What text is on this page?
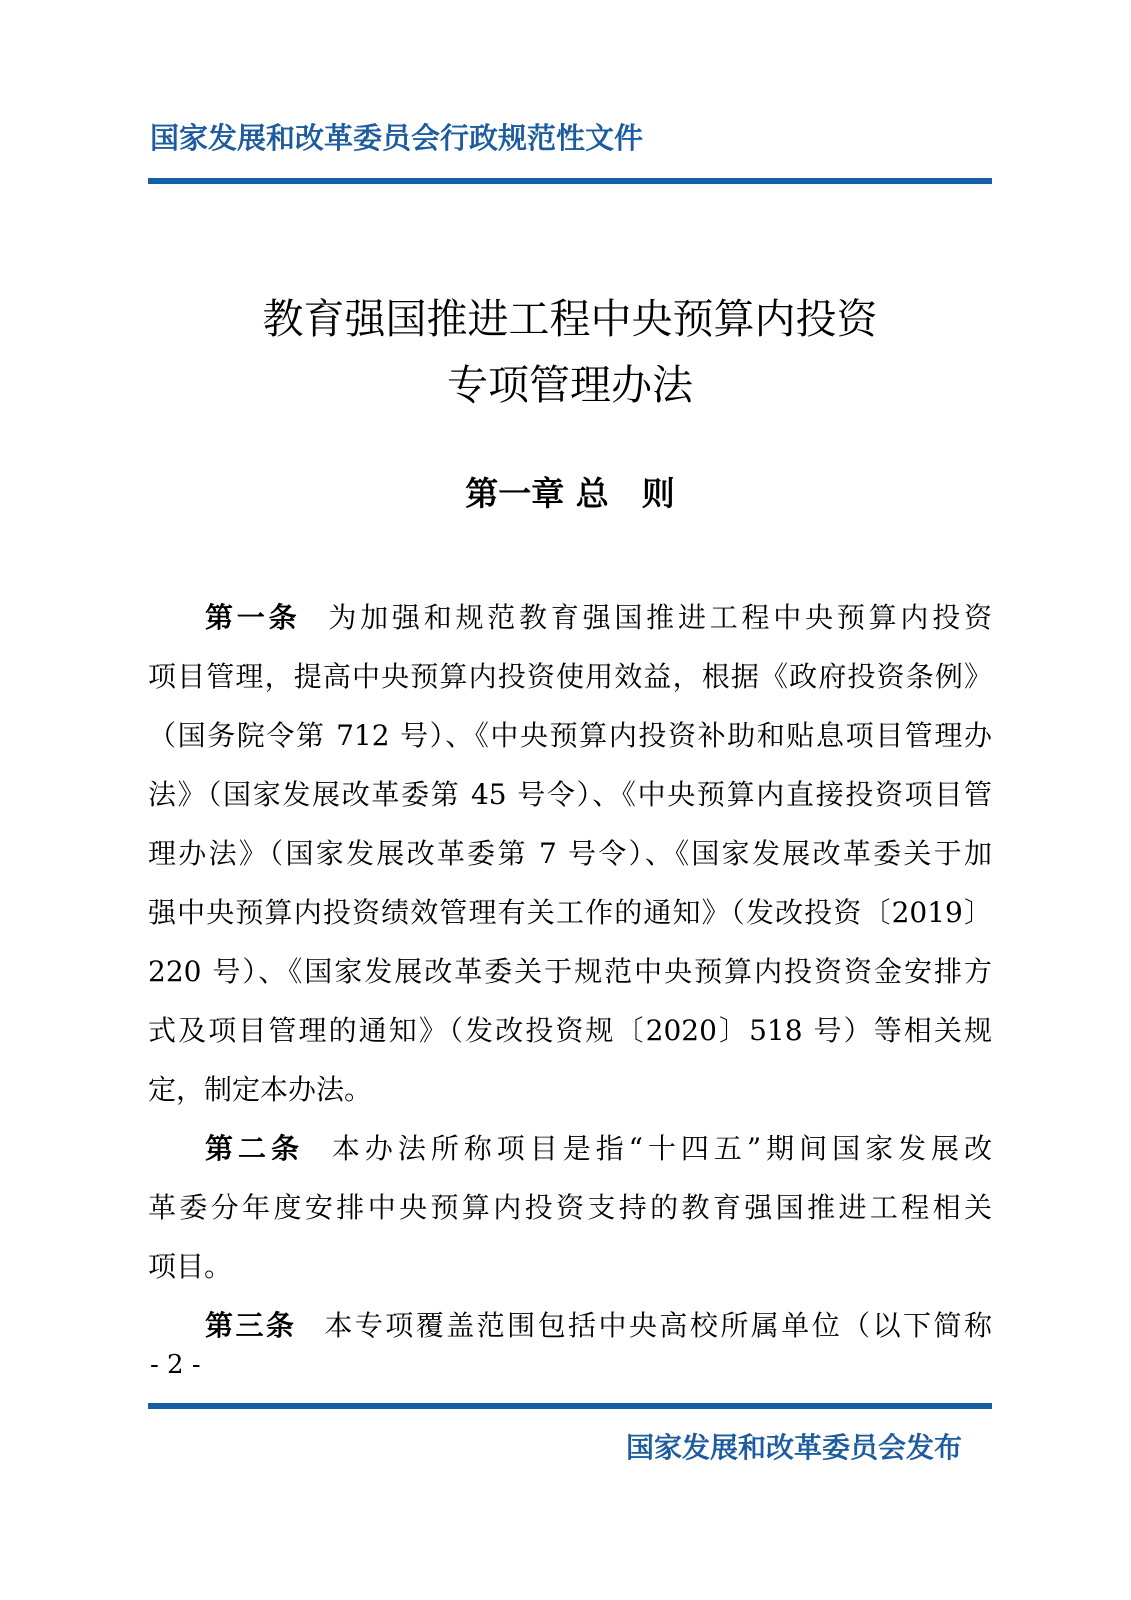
国家发展和改革委员会行政规范性文件
教育强国推进工程中央预算内投资
专项管理办法
第一章 总　则
第一条 为加强和规范教育强国推进工程中央预算内投资
项目管理，提高中央预算内投资使用效益，根据《政府投资条例》
（国务院令第 712 号）、《中央预算内投资补助和贴息项目管理办
法》（国家发展改革委第 45 号令）、《中央预算内直接投资项目管
理办法》（国家发展改革委第 7 号令）、《国家发展改革委关于加
强中央预算内投资绩效管理有关工作的通知》（发改投资〔2019〕
220 号）、《国家发展改革委关于规范中央预算内投资资金安排方
式及项目管理的通知》（发改投资规〔2020〕518 号）等相关规
定，制定本办法。
第二条 本办法所称项目是指“十四五”期间国家发展改
革委分年度安排中央预算内投资支持的教育强国推进工程相关
项目。
第三条 本专项覆盖范围包括中央高校所属单位（以下简称
- 2 -
国家发展和改革委员会发布
